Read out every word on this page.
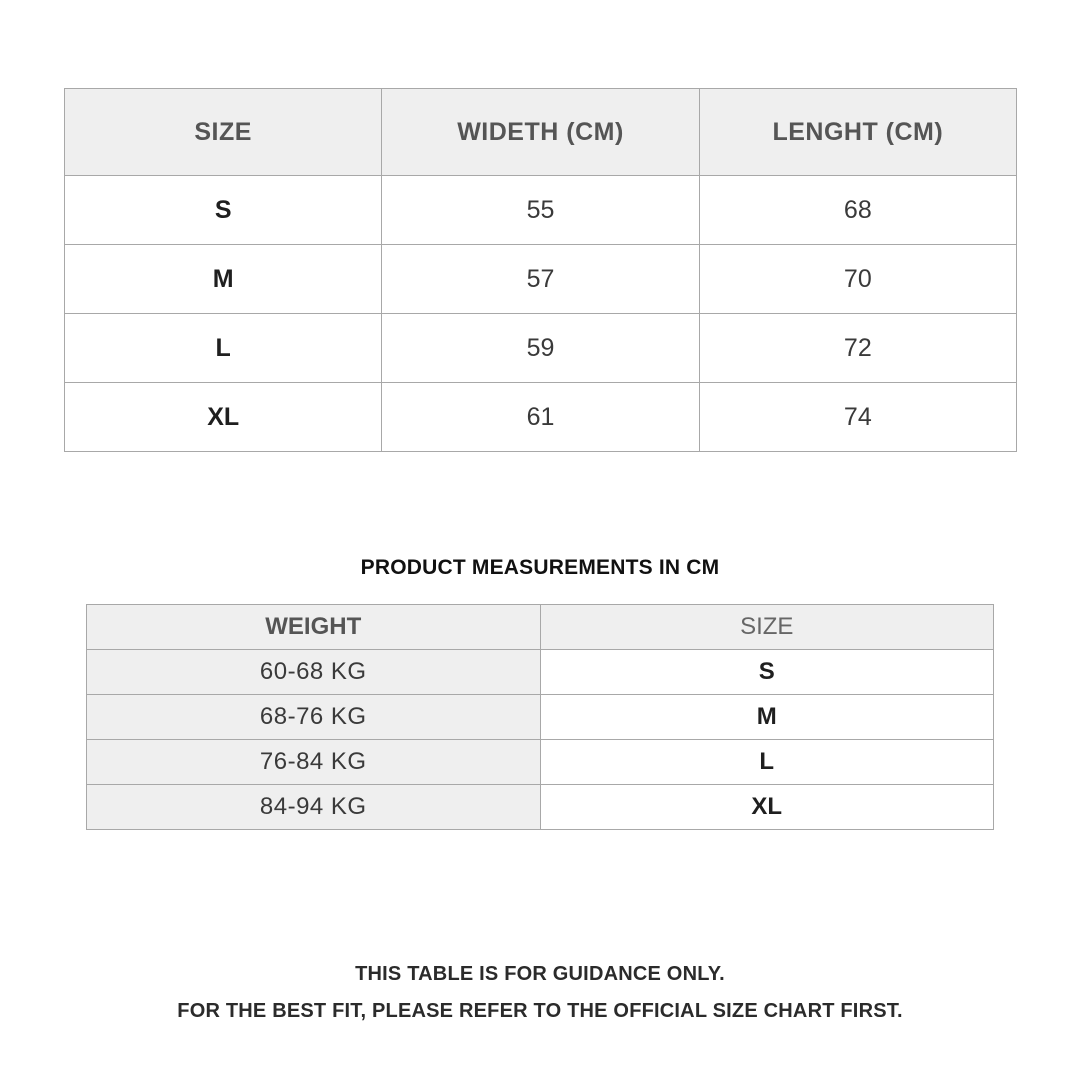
SIZE	WIDETH (CM)	LENGHT (CM)
S	55	68
M	57	70
L	59	72
XL	61	74
PRODUCT MEASUREMENTS IN CM
WEIGHT	SIZE
60-68 KG	S
68-76 KG	M
76-84 KG	L
84-94 KG	XL
THIS TABLE IS FOR GUIDANCE ONLY.
FOR THE BEST FIT, PLEASE REFER TO THE OFFICIAL SIZE CHART FIRST.
